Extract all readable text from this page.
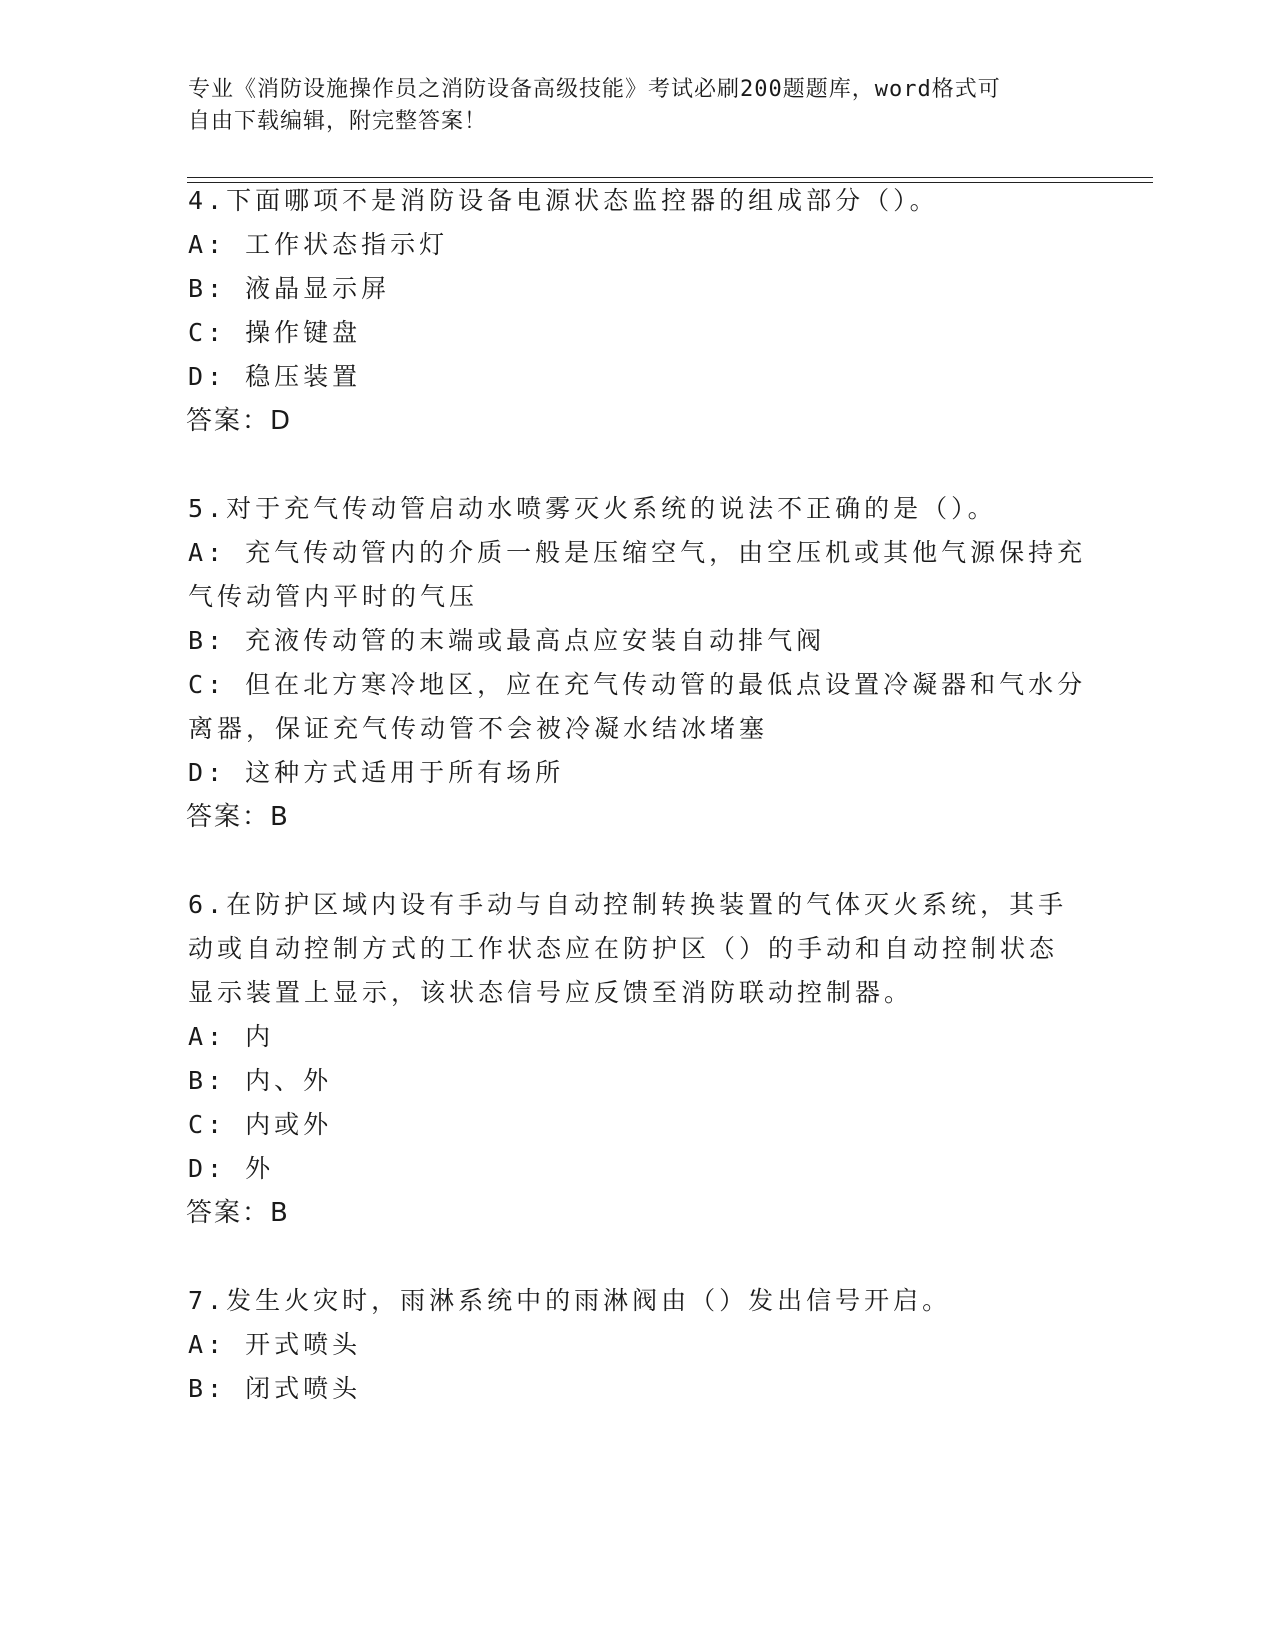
专业《消防设施操作员之消防设备高级技能》考试必刷200题题库，word格式可
自由下载编辑，附完整答案！
4.下面哪项不是消防设备电源状态监控器的组成部分（）。
A: 工作状态指示灯
B: 液晶显示屏
C: 操作键盘
D: 稳压装置
答案：D
5.对于充气传动管启动水喷雾灭火系统的说法不正确的是（）。
A: 充气传动管内的介质一般是压缩空气，由空压机或其他气源保持充
气传动管内平时的气压
B: 充液传动管的末端或最高点应安装自动排气阀
C: 但在北方寒冷地区，应在充气传动管的最低点设置冷凝器和气水分
离器，保证充气传动管不会被冷凝水结冰堵塞
D: 这种方式适用于所有场所
答案：B
6.在防护区域内设有手动与自动控制转换装置的气体灭火系统，其手
动或自动控制方式的工作状态应在防护区（）的手动和自动控制状态
显示装置上显示，该状态信号应反馈至消防联动控制器。
A: 内
B: 内、外
C: 内或外
D: 外
答案：B
7.发生火灾时，雨淋系统中的雨淋阀由（）发出信号开启。
A: 开式喷头
B: 闭式喷头
